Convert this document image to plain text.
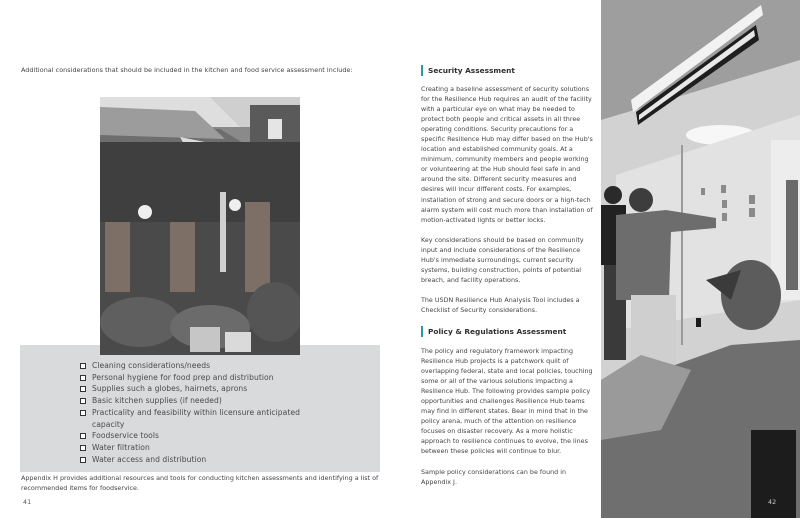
Additional considerations that should be included in the kitchen and food service assessment include:

Cleaning considerations/needs
Personal hygiene for food prep and distribution
Supplies such a globes, hairnets, aprons
Basic kitchen supplies (if needed)
Practicality and feasibility within licensure anticipated capacity
Foodservice tools
Water filtration
Water access and distribution

Appendix H provides additional resources and tools for conducting kitchen assessments and identifying a list of recommended items for foodservice.

41
Security Assessment

Creating a baseline assessment of security solutions for the Resilience Hub requires an audit of the facility with a particular eye on what may be needed to protect both people and critical assets in all three operating conditions. Security precautions for a specific Resilience Hub may differ based on the Hub's location and established community goals. At a minimum, community members and people working or volunteering at the Hub should feel safe in and around the site. Different security measures and desires will incur different costs. For examples, installation of strong and secure doors or a high-tech alarm system will cost much more than installation of motion-activated lights or better locks.

Key considerations should be based on community input and include considerations of the Resilience Hub's immediate surroundings, current security systems, building construction, points of potential breach, and facility operations.

The USDN Resilience Hub Analysis Tool includes a Checklist of Security considerations.

Policy & Regulations Assessment

The policy and regulatory framework impacting Resilience Hub projects is a patchwork quilt of overlapping federal, state and local policies, touching some or all of the various solutions impacting a Resilience Hub. The following provides sample policy opportunities and challenges Resilience Hub teams may find in different states. Bear in mind that in the policy arena, much of the attention on resilience focuses on disaster recovery. As a more holistic approach to resilience continues to evolve, the lines between these policies will continue to blur.

Sample policy considerations can be found in Appendix J.

42
